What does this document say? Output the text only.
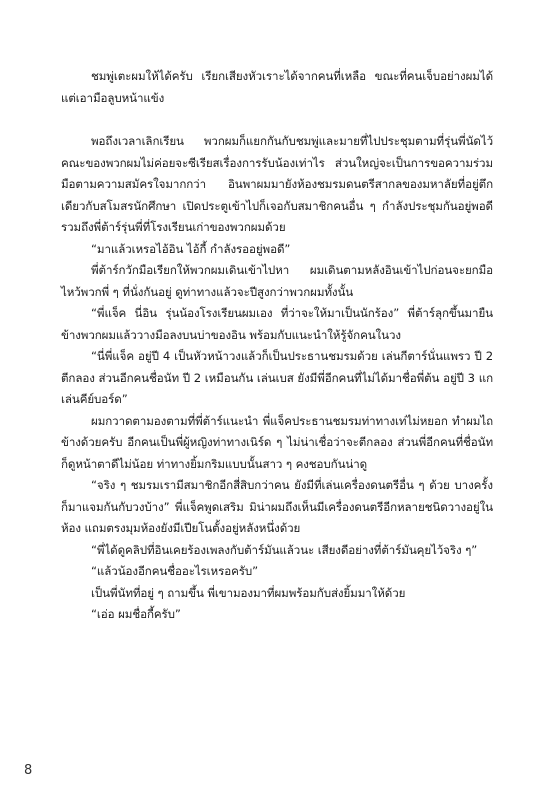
ชมพู่เตะผมให้ได้ครับ เรียกเสียงหัวเราะได้จากคนที่เหลือ ขณะที่คนเจ็บอย่างผมได้แต่เอามือลูบหน้าแข้ง

พอถึงเวลาเลิกเรียน พวกผมก็แยกกันกับชมพู่และมายที่ไปประชุมตามที่รุ่นพี่นัดไว้ คณะของพวกผมไม่ค่อยจะซีเรียสเรื่องการรับน้องเท่าไร ส่วนใหญ่จะเป็นการขอความร่วมมือตามความสมัครใจมากกว่า อินพาผมมายังห้องชมรมดนตรีสากลของมหาลัยที่อยู่ตึกเดียวกับสโมสรนักศึกษา เปิดประตูเข้าไปก็เจอกับสมาชิกคนอื่น ๆ กำลังประชุมกันอยู่พอดี รวมถึงพี่ต้าร์รุ่นพี่ที่โรงเรียนเก่าของพวกผมด้วย

“มาแล้วเหรอไอ้อิน ไอ้กี้ กำลังรออยู่พอดี”

พี่ต้าร์กวักมือเรียกให้พวกผมเดินเข้าไปหา ผมเดินตามหลังอินเข้าไปก่อนจะยกมือไหว้พวกพี่ ๆ ที่นั่งกันอยู่ ดูท่าทางแล้วจะปีสูงกว่าพวกผมทั้งนั้น

“พี่แจ็ค นี่อิน รุ่นน้องโรงเรียนผมเอง ที่ว่าจะให้มาเป็นนักร้อง” พี่ต้าร์ลุกขึ้นมายืนข้างพวกผมแล้ววางมือลงบนบ่าของอิน พร้อมกับแนะนำให้รู้จักคนในวง

“นี่พี่แจ็ค อยู่ปี 4 เป็นหัวหน้าวงแล้วก็เป็นประธานชมรมด้วย เล่นกีตาร์นั่นแพรว ปี 2 ตีกลอง ส่วนอีกคนชื่อนัท ปี 2 เหมือนกัน เล่นเบส ยังมีพี่อีกคนที่ไม่ได้มาชื่อพี่ต้น อยู่ปี 3 แกเล่นคีย์บอร์ด”

ผมกวาดตามองตามที่พี่ต้าร์แนะนำ พี่แจ็คประธานชมรมท่าทางเท่ไม่หยอก ทำผมไถข้างด้วยครับ อีกคนเป็นพี่ผู้หญิงท่าทางเนิร์ด ๆ ไม่น่าเชื่อว่าจะตีกลอง ส่วนพี่อีกคนที่ชื่อนัทก็ดูหน้าตาดีไม่น้อย ท่าทางยิ้มกริมแบบนั้นสาว ๆ คงชอบกันน่าดู

“จริง ๆ ชมรมเรามีสมาชิกอีกสี่สิบกว่าคน ยังมีที่เล่นเครื่องดนตรีอื่น ๆ ด้วย บางครั้งก็มาแจมกันกับวงบ้าง” พี่แจ็คพูดเสริม มิน่าผมถึงเห็นมีเครื่องดนตรีอีกหลายชนิดวางอยู่ในห้อง แถมตรงมุมห้องยังมีเปียโนตั้งอยู่หลังหนึ่งด้วย

“พี่ได้ดูคลิปที่อินเคยร้องเพลงกับต้าร์มันแล้วนะ เสียงดีอย่างที่ต้าร์มันคุยไว้จริง ๆ”

“แล้วน้องอีกคนชื่ออะไรเหรอครับ”

เป็นพี่นัทที่อยู่ ๆ ถามขึ้น พี่เขามองมาที่ผมพร้อมกับส่งยิ้มมาให้ด้วย

“เอ่อ ผมชื่อกี้ครับ”

8
